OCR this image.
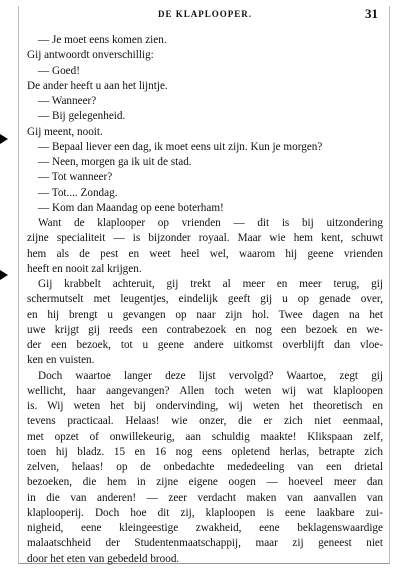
DE KLAPLOOPER.	31
— Je moet eens komen zien.
Gij antwoordt onverschillig:
— Goed!
De ander heeft u aan het lijntje.
— Wanneer?
— Bij gelegenheid.
Gij meent, nooit.
— Bepaal liever een dag, ik moet eens uit zijn. Kun je morgen?
— Neen, morgen ga ik uit de stad.
— Tot wanneer?
— Tot.... Zondag.
— Kom dan Maandag op eene boterham!
Want de klaplooper op vrienden — dit is bij uitzondering
zijne specialiteit — is bijzonder royaal. Maar wie hem kent, schuwt
hem als de pest en weet heel wel, waarom hij geene vrienden
heeft en nooit zal krijgen.
Gij krabbelt achteruit, gij trekt al meer en meer terug, gij
schermutselt met leugentjes, eindelijk geeft gij u op genade over,
en hij brengt u gevangen op naar zijn hol. Twee dagen na het
uwe krijgt gij reeds een contrabezoek en nog een bezoek en we-
der een bezoek, tot u geene andere uitkomst overblijft dan vloe-
ken en vuisten.
Doch waartoe langer deze lijst vervolgd? Waartoe, zegt gij
wellicht, haar aangevangen? Allen toch weten wij wat klaploopen
is. Wij weten het bij ondervinding, wij weten het theoretisch en
tevens practicaal. Helaas! wie onzer, die er zich niet eenmaal,
met opzet of onwillekeurig, aan schuldig maakte! Klikspaan zelf,
toen hij bladz. 15 en 16 nog eens opletend herlas, betrapte zich
zelven, helaas! op de onbedachte mededeeling van een drietal
bezoeken, die hem in zijne eigene oogen — hoeveel meer dan
in die van anderen! — zeer verdacht maken van aanvallen van
klaplooperij. Doch hoe dit zij, klaploopen is eene laakbare zui-
nigheid, eene kleingeestige zwakheid, eene beklagenswaardige
malaatschheid der Studentenmaatschappij, maar zij geneest niet
door het eten van gebedeld brood.
